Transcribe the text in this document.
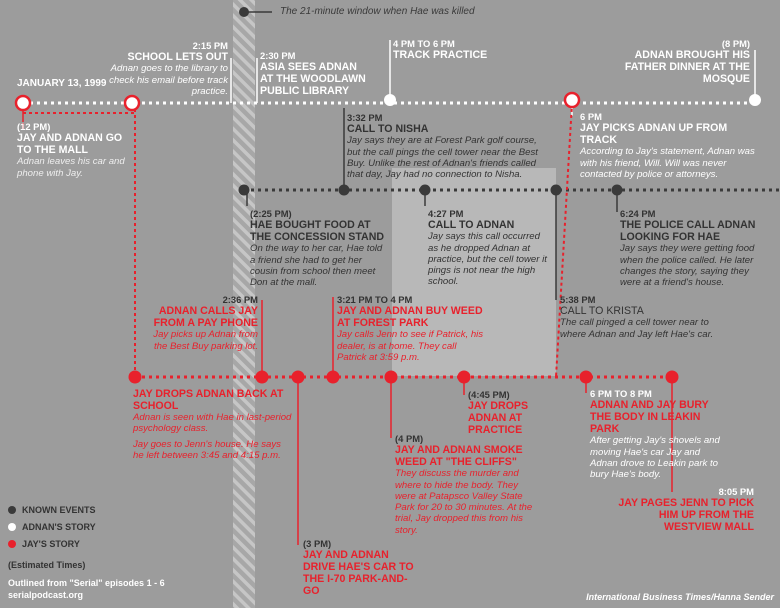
The 21-minute window when Hae was killed
JANUARY 13, 1999
(12 PM)
JAY AND ADNAN GO TO THE MALL
Adnan leaves his car and phone with Jay.
2:15 PM
SCHOOL LETS OUT
Adnan goes to the library to check his email before track practice.
2:30 PM
ASIA SEES ADNAN AT THE WOODLAWN PUBLIC LIBRARY
4 PM TO 6 PM
TRACK PRACTICE
6 PM
JAY PICKS ADNAN UP FROM TRACK
According to Jay's statement, Adnan was with his friend, Will. Will was never contacted by police or attorneys.
(8 PM)
ADNAN BROUGHT HIS FATHER DINNER AT THE MOSQUE
(2:25 PM)
HAE BOUGHT FOOD AT THE CONCESSION STAND
On the way to her car, Hae told a friend she had to get her cousin from school then meet Don at the mall.
3:32 PM
CALL TO NISHA
Jay says they are at Forest Park golf course, but the call pings the cell tower near the Best Buy. Unlike the rest of Adnan's friends called that day, Jay had no connection to Nisha.
4:27 PM
CALL TO ADNAN
Jay says this call occurred as he dropped Adnan at practice, but the cell tower it pings is not near the high school.
5:38 PM
CALL TO KRISTA
The call pinged a cell tower near to where Adnan and Jay left Hae's car.
6:24 PM
THE POLICE CALL ADNAN LOOKING FOR HAE
Jay says they were getting food when the police called. He later changes the story, saying they were at a friend's house.
2:36 PM
ADNAN CALLS JAY FROM A PAY PHONE
Jay picks up Adnan from the Best Buy parking lot.
JAY DROPS ADNAN BACK AT SCHOOL
Adnan is seen with Hae in last-period psychology class.
Jay goes to Jenn's house. He says he left between 3:45 and 4:15 p.m.
(3 PM)
JAY AND ADNAN DRIVE HAE'S CAR TO THE I-70 PARK-AND-GO
3:21 PM TO 4 PM
JAY AND ADNAN BUY WEED AT FOREST PARK
Jay calls Jenn to see if Patrick, his dealer, is at home. They call Patrick at 3:59 p.m.
(4 PM)
JAY AND ADNAN SMOKE WEED AT "THE CLIFFS"
They discuss the murder and where to hide the body. They were at Patapsco Valley State Park for 20 to 30 minutes. At the trial, Jay dropped this from his story.
(4:45 PM)
JAY DROPS ADNAN AT PRACTICE
6 PM TO 8 PM
ADNAN AND JAY BURY THE BODY IN LEAKIN PARK
After getting Jay's shovels and moving Hae's car Jay and Adnan drove to Leakin park to bury Hae's body.
8:05 PM
JAY PAGES JENN TO PICK HIM UP FROM THE WESTVIEW MALL
KNOWN EVENTS
ADNAN'S STORY
JAY'S STORY
(Estimated Times)
Outlined from "Serial" episodes 1 - 6
serialpodcast.org	International Business Times/Hanna Sender
